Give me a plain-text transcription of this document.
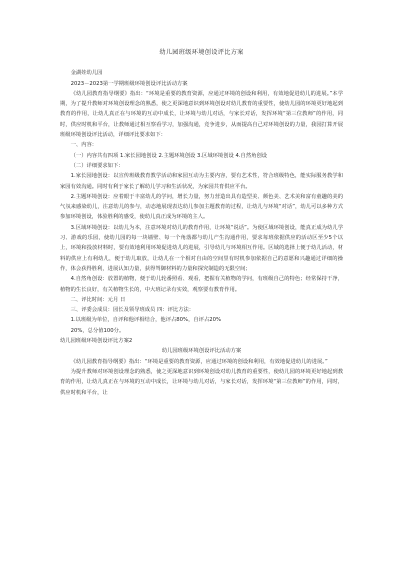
幼儿园班级环境创设评比方案

金湖娃幼儿园

2023－2023第一学期班级环境创设评比活动方案

《幼儿园教育指导纲要》指出：“环境是重要的教育资源，应通过环境的创设和利用，有效地促进幼儿的进展。”本学期，为了提升教师对环境创设理念的熟悉，使之更深地意识到环境创设对幼儿教育的重要性，使幼儿园的环境更好地起到教育的作用，让幼儿真正在与环境的互动中成长，让环境与幼儿对话，与家长对话，发挥环境“第三位教师”的作用，同时，供应时机和平台，让教师通过相互察看学习，加强沟通，竞争进步，从而提高自己对环境创设的力量，我园打算开展班级环境创设评比活动，详细评比要求如下：

一、内容：

（一）内容共有四项 1.家长园地创设 2.主题环境创设 3.区域环境创设 4.自然角创设

（二）详细要求如下：

1.家长园地创设：以宣传班级教育教学活动和家园互动为主要内容，要有艺术性，符合班级特色，能实际服务教学和家园有效沟通。同时有利于家长了解幼儿学习和生活状况，为家园共育供应平台。

2.主题环境创设：应着眼于丰富幼儿的学问，增长力量，努力营造出具有造型美、颜色美、艺术美和富有童趣的美的气氛来感染幼儿，注意幼儿的参与，动态地展现表达幼儿参加主题教育的过程，让幼儿与环境“对话”，幼儿可以多种方式参加环境创设，体验胜利的感受，使幼儿真正成为环境的主人。

3.区域环境创设：以幼儿为本，注意环境对幼儿的教育作用，让环境“说话”。为使区域环境创设，能真正成为幼儿学习、游戏的乐园，使幼儿园的每一块墙壁、每一个角落都与幼儿产生沟通作用，要求每班依据供应的活动区至少5个以上，环境和投放材料时，要有效地利用环境促进幼儿的进展，引导幼儿与环境相互作用。区域的选择上便于幼儿活动，材料的供应上有利幼儿，便于幼儿取放，让幼儿在一个相对自由的空间里有时机参加依据自己的意愿和兴趣通过详细的操作，体会获得胜利，进展认知力量，获得驾御材料的力量和探究制造的无限空间；

4.自然角创设：放置的植物，便于幼儿轮番照看、观看，把握有关植物的学问，有班级自己的特色；经常保持干净，植物的生长良好，有关植物生长的，中大班记录有实效，观察要有教育作用。

二、评比时间：元月 日

三、评委会成员：园长及领导班成员 四：评比方法：

1.以班级为单位，自评和他评相结合，他评占80%，自评占20%

20%，总分值100分。

幼儿园班级环境创设评比方案2

幼儿园班级环境创设评比活动方案

《幼儿园教育指导纲要》指出：“环境是重要的教育资源，应通过环境的创设和利用，有效地促进幼儿的进展。”

为提升教师对环境创设理念的熟悉，使之更深地意识到环境创设对幼儿教育的重要性，使幼儿园的环境更好地起到教育的作用，让幼儿真正在与环境的互动中成长，让环境与幼儿对话，与家长对话，发挥环境“第三位教师”的作用，同时，供应时机和平台，让
